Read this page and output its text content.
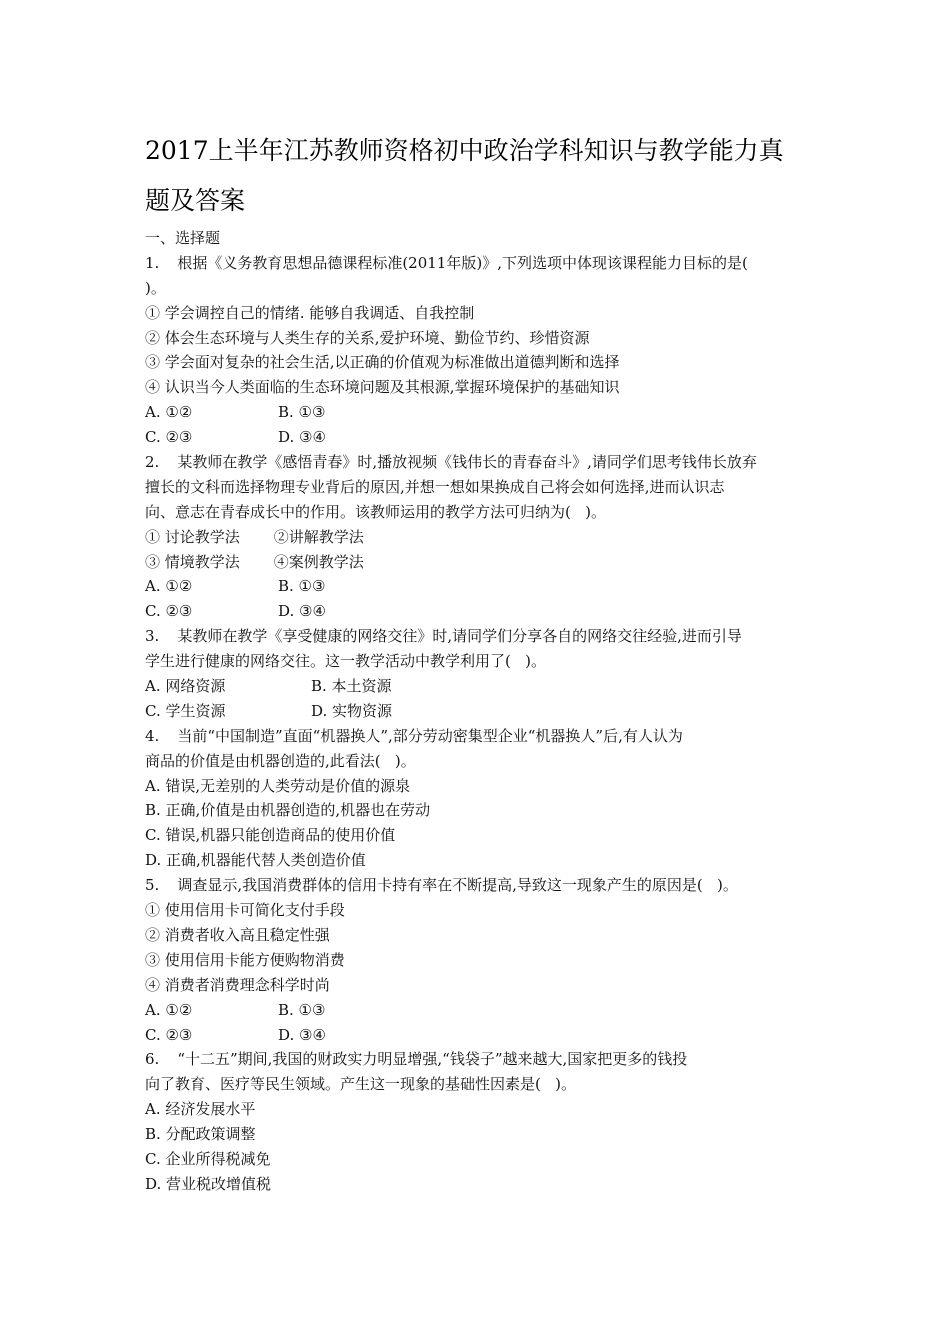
2017上半年江苏教师资格初中政治学科知识与教学能力真
题及答案
一、选择题
1. 根据《义务教育思想品德课程标准(2011年版)》,下列选项中体现该课程能力目标的是(
)。
① 学会调控自己的情绪. 能够自我调适、自我控制
② 体会生态环境与人类生存的关系,爱护环境、勤俭节约、珍惜资源
③ 学会面对复杂的社会生活,以正确的价值观为标准做出道德判断和选择
④ 认识当今人类面临的生态环境问题及其根源,掌握环境保护的基础知识
A. ①②	B. ①③
C. ②③	D. ③④
2. 某教师在教学《感悟青春》时,播放视频《钱伟长的青春奋斗》,请同学们思考钱伟长放弃
擅长的文科而选择物理专业背后的原因,并想一想如果换成自己将会如何选择,进而认识志
向、意志在青春成长中的作用。该教师运用的教学方法可归纳为(   )。
① 讨论教学法 ②讲解教学法
③ 情境教学法 ④案例教学法
A. ①②	B. ①③
C. ②③	D. ③④
3. 某教师在教学《享受健康的网络交往》时,请同学们分享各自的网络交往经验,进而引导
学生进行健康的网络交往。这一教学活动中教学利用了(   )。
A. 网络资源	B. 本土资源
C. 学生资源	D. 实物资源
4. 当前“中国制造”直面“机器换人”,部分劳动密集型企业“机器换人”后,有人认为
商品的价值是由机器创造的,此看法(   )。
A. 错误,无差别的人类劳动是价值的源泉
B. 正确,价值是由机器创造的,机器也在劳动
C. 错误,机器只能创造商品的使用价值
D. 正确,机器能代替人类创造价值
5. 调查显示,我国消费群体的信用卡持有率在不断提高,导致这一现象产生的原因是(   )。
① 使用信用卡可简化支付手段
② 消费者收入高且稳定性强
③ 使用信用卡能方便购物消费
④ 消费者消费理念科学时尚
A. ①②	B. ①③
C. ②③	D. ③④
6. “十二五”期间,我国的财政实力明显增强,“钱袋子”越来越大,国家把更多的钱投
向了教育、医疗等民生领域。产生这一现象的基础性因素是(   )。
A. 经济发展水平
B. 分配政策调整
C. 企业所得税减免
D. 营业税改增值税
